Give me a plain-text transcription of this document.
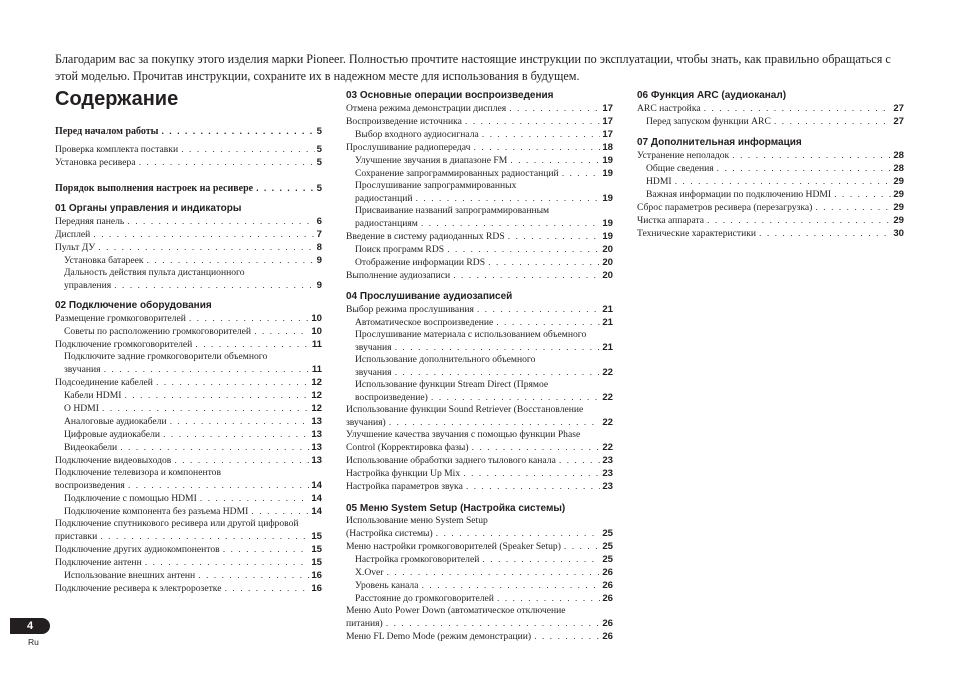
Благодарим вас за покупку этого изделия марки Pioneer. Полностью прочтите настоящие инструкции по эксплуатации, чтобы знать, как правильно обращаться с этой моделью. Прочитав инструкции, сохраните их в надежном месте для использования в будущем.

Содержание
Перед началом работы . . .	5
Проверка комплекта поставки . . .	5
Установка ресивера . . .	5
Порядок выполнения настроек на ресивере . . .	5
01 Органы управления и индикаторы
Передняя панель . . .	6
Дисплей . . .	7
Пульт ДУ . . .	8
Установка батареек . . .	9
Дальность действия пульта дистанционного
управления . . .	9
02 Подключение оборудования
Размещение громкоговорителей . . .	10
Советы по расположению громкоговорителей . . .	10
Подключение громкоговорителей . . .	11
Подключите задние громкоговорители объемного
звучания . . .	11
Подсоединение кабелей . . .	12
Кабели HDMI . . .	12
О HDMI . . .	12
Аналоговые аудиокабели . . .	13
Цифровые аудиокабели . . .	13
Видеокабели . . .	13
Подключение видеовыходов . . .	13
Подключение телевизора и компонентов
воспроизведения . . .	14
Подключение с помощью HDMI . . .	14
Подключение компонента без разъема HDMI . . .	14
Подключение спутникового ресивера или другой цифровой
приставки . . .	15
Подключение других аудиокомпонентов . . .	15
Подключение антенн . . .	15
Использование внешних антенн . . .	16
Подключение ресивера к электророзетке . . .	16
03 Основные операции воспроизведения
Отмена режима демонстрации дисплея . . .	17
Воспроизведение источника . . .	17
Выбор входного аудиосигнала . . .	17
Прослушивание радиопередач . . .	18
Улучшение звучания в диапазоне FM . . .	19
Сохранение запрограммированных радиостанций . . .	19
Прослушивание запрограммированных
радиостанций . . .	19
Присваивание названий запрограммированным
радиостанциям . . .	19
Введение в систему радиоданных RDS . . .	19
Поиск программ RDS . . .	20
Отображение информации RDS . . .	20
Выполнение аудиозаписи . . .	20
04 Прослушивание аудиозаписей
Выбор режима прослушивания . . .	21
Автоматическое воспроизведение . . .	21
Прослушивание материала с использованием объемного
звучания . . .	21
Использование дополнительного объемного
звучания . . .	22
Использование функции Stream Direct (Прямое
воспроизведение) . . .	22
Использование функции Sound Retriever (Восстановление
звучания) . . .	22
Улучшение качества звучания с помощью функции Phase
Control (Корректировка фазы) . . .	22
Использование обработки заднего тылового канала . . .	23
Настройка функции Up Mix . . .	23
Настройка параметров звука . . .	23
05 Меню System Setup (Настройка системы)
Использование меню System Setup
(Настройка системы) . . .	25
Меню настройки громкоговорителей (Speaker Setup) . . .	25
Настройка громкоговорителей . . .	25
X.Over . . .	26
Уровень канала . . .	26
Расстояние до громкоговорителей . . .	26
Меню Auto Power Down (автоматическое отключение
питания) . . .	26
Меню FL Demo Mode (режим демонстрации) . . .	26
06 Функция ARC (аудиоканал)
ARC настройка . . .	27
Перед запуском функции ARC . . .	27
07 Дополнительная информация
Устранение неполадок . . .	28
Общие сведения . . .	28
HDMI . . .	29
Важная информации по подключению HDMI . . .	29
Сброс параметров ресивера (перезагрузка) . . .	29
Чистка аппарата . . .	29
Технические характеристики . . .	30
4
Ru
